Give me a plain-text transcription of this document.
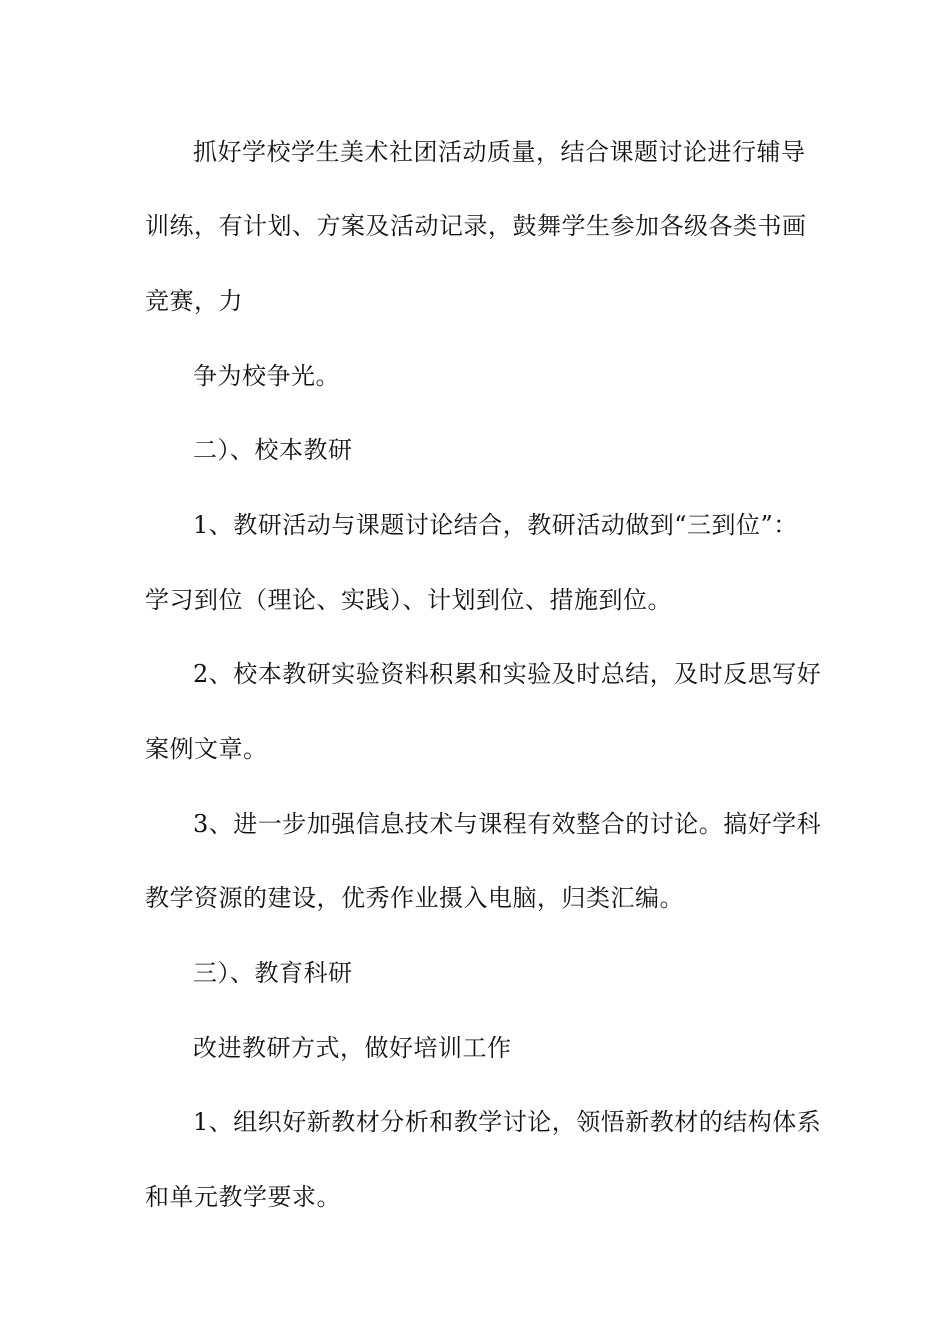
抓好学校学生美术社团活动质量，结合课题讨论进行辅导
训练，有计划、方案及活动记录，鼓舞学生参加各级各类书画
竞赛，力
争为校争光。
二）、校本教研
1、教研活动与课题讨论结合，教研活动做到“三到位”：
学习到位（理论、实践）、计划到位、措施到位。
2、校本教研实验资料积累和实验及时总结，及时反思写好
案例文章。
3、进一步加强信息技术与课程有效整合的讨论。搞好学科
教学资源的建设，优秀作业摄入电脑，归类汇编。
三）、教育科研
改进教研方式，做好培训工作
1、组织好新教材分析和教学讨论，领悟新教材的结构体系
和单元教学要求。
